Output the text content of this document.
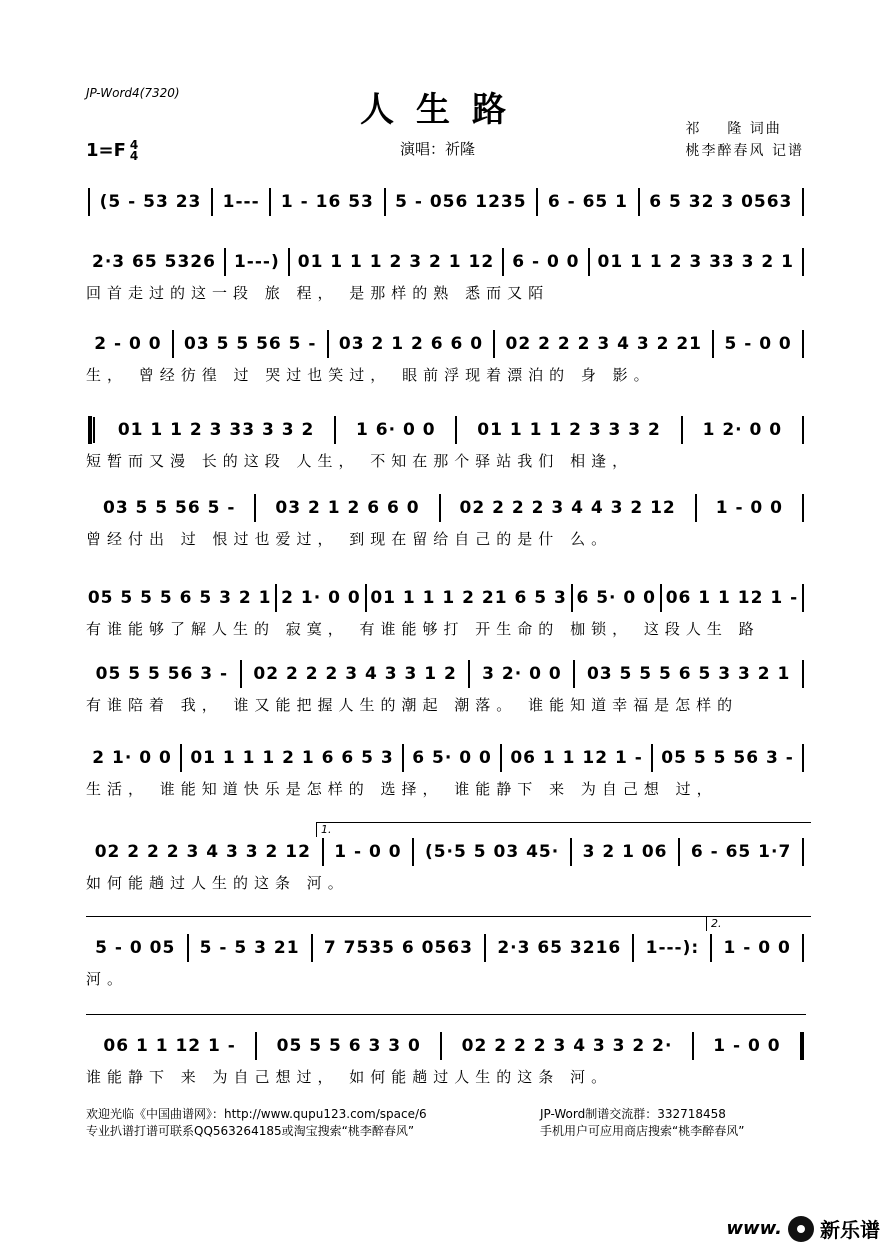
JP-Word4(7320)	人生路	祁    隆 词曲
桃李醉春风 记谱
1=F 4
4	演唱：祈隆
(5 - 53 23	1---	1 - 16 53	5 - 056 1235	6 - 65 1	6 5 32 3 0563
2·3 65 5326	1---)	01 1 1 1 2 3 2 1 12	6 - 0 0	01 1 1 2 3 33 3 2 1
回首走过的这一段 旅 程， 是那样的熟 悉而又陌
2 - 0 0	03 5 5 56 5 -	03 2 1 2 6 6 0	02 2 2 2 3 4 3 2 21	5 - 0 0
生， 曾经彷徨 过 哭过也笑过， 眼前浮现着漂泊的 身 影。
01 1 1 2 3 33 3 3 2	1 6· 0 0	01 1 1 1 2 3 3 3 2	1 2· 0 0
短暂而又漫 长的这段 人生， 不知在那个驿站我们 相逢，
03 5 5 56 5 -	03 2 1 2 6 6 0	02 2 2 2 3 4 4 3 2 12	1 - 0 0
曾经付出 过 恨过也爱过， 到现在留给自己的是什 么。
05 5 5 5 6 5 3 2 1 2 1· 0 0 01 1 1 1 2 21 6 5 3 6 5· 0 0 06 1 1 12 1 -
有谁能够了解人生的 寂寞， 有谁能够打 开生命的 枷锁， 这段人生 路
05 5 5 56 3 -	02 2 2 2 3 4 3 3 1 2	3 2· 0 0	03 5 5 5 6 5 3 3 2 1
有谁陪着 我， 谁又能把握人生的潮起 潮落。 谁能知道幸福是怎样的
2 1· 0 0	01 1 1 1 2 1 6 6 5 3	6 5· 0 0	06 1 1 12 1 -	05 5 5 56 3 -
生活， 谁能知道快乐是怎样的 选择， 谁能静下 来 为自己想 过，
02 2 2 2 3 4 3 3 2 12	1 - 0 0	(5·5 5 03 45·	3 2 1 06	6 - 65 1·7
如何能趟过人生的这条 河。
5 - 0 05	5 - 5 3 21	7 7535 6 0563	2·3 65 3216	1---):	1 - 0 0
河。
06 1 1 12 1 -	05 5 5 6 3 3 0	02 2 2 2 3 4 3 3 2 2·	1 - 0 0
谁能静下 来 为自己想过， 如何能趟过人生的这条 河。
1.
2.
欢迎光临《中国曲谱网》：http://www.qupu123.com/space/6
专业扒谱打谱可联系QQ563264185或淘宝搜索“桃李醉春风”
JP-Word制谱交流群：332718458
手机用户可应用商店搜索“桃李醉春风”
www. 新乐谱
